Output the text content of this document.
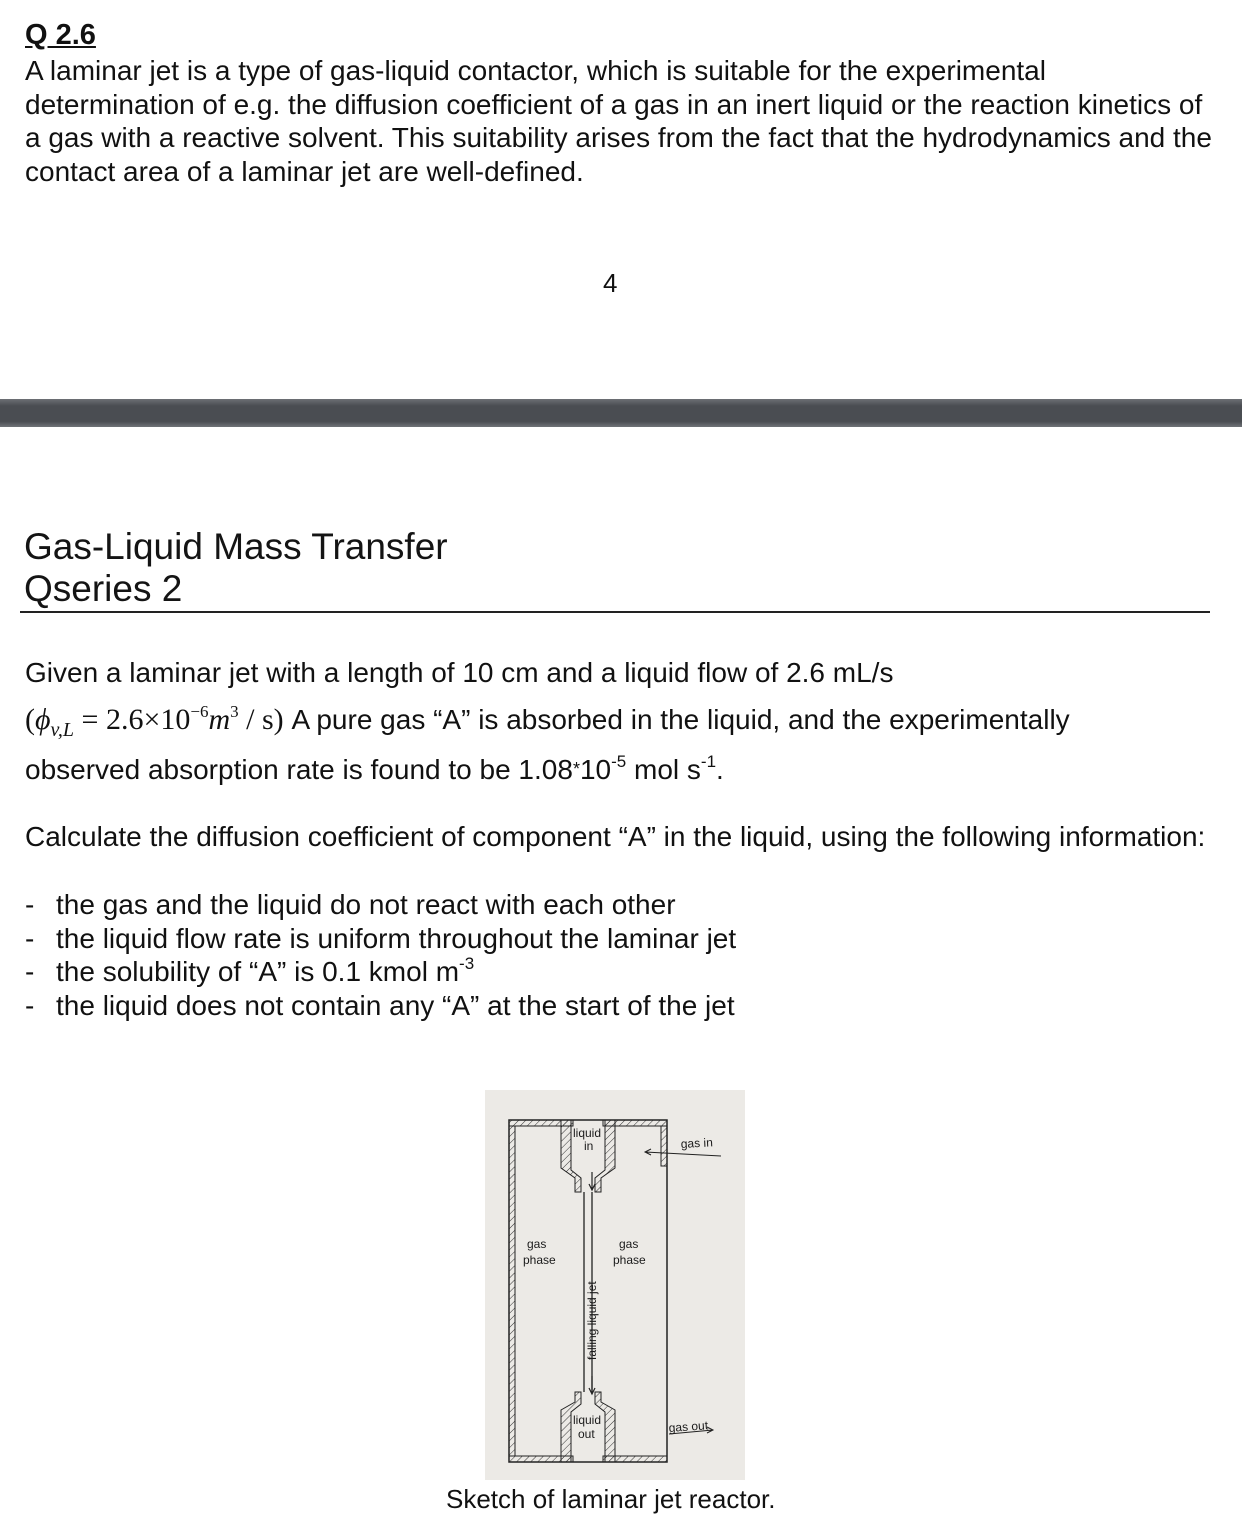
Q 2.6
A laminar jet is a type of gas-liquid contactor, which is suitable for the experimental determination of e.g. the diffusion coefficient of a gas in an inert liquid or the reaction kinetics of a gas with a reactive solvent. This suitability arises from the fact that the hydrodynamics and the contact area of a laminar jet are well-defined.
4
Gas-Liquid Mass Transfer
Qseries 2
Given a laminar jet with a length of 10 cm and a liquid flow of 2.6 mL/s
$(\phi_{v,L} = 2.6\times 10^{-6}m^3 / s)$ A pure gas “A” is absorbed in the liquid, and the experimentally
observed absorption rate is found to be $1.08*10^{-5}$ mol $s^{-1}$.
Calculate the diffusion coefficient of component “A” in the liquid, using the following information:
- the gas and the liquid do not react with each other
- the liquid flow rate is uniform throughout the laminar jet
- the solubility of “A” is 0.1 kmol $m^{-3}$
- the liquid does not contain any “A” at the start of the jet
liquid
in	gas in
gas
phase
gas
phase
falling liquid jet
liquid
out	gas out
Sketch of laminar jet reactor.
